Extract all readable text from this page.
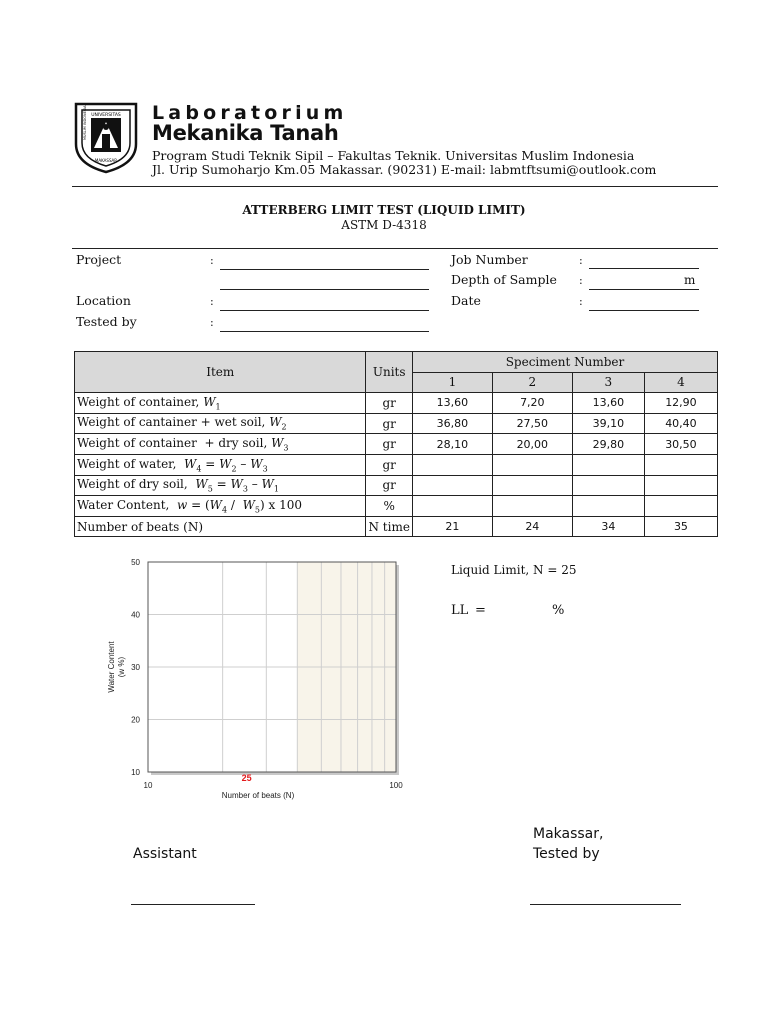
UNIVERSITAS
MUSLIM INDONESIA
MAKASSAR
Laboratorium
Mekanika Tanah
Program Studi Teknik Sipil – Fakultas Teknik. Universitas Muslim Indonesia
Jl. Urip Sumoharjo Km.05 Makassar. (90231) E-mail: labmtftsumi@outlook.com
ATTERBERG LIMIT TEST (LIQUID LIMIT)
ASTM D-4318
Project	:
Location	:
Tested by	:
Job Number	:
Depth of Sample :	m
Date	:
Item	Units	Speciment Number			
		1	2	3	4
Weight of container, $W_1$	gr	13,60	7,20	13,60	12,90
Weight of cantainer + wet soil, $W_2$	gr	36,80	27,50	39,10	40,40
Weight of container  + dry soil, $W_3$	gr	28,10	20,00	29,80	30,50
Weight of water,  $W_4 = W_2 - W_3$	gr				
Weight of dry soil,  $W_5 = W_3 - W_1$	gr				
Water Content,  $w = (W_4 / W_5)$ x 100	%				
Number of beats (N)	N time	21	24	34	35
10
20
30
40
50
10	100
25
Number of beats (N)
Water Content (w %)
Liquid Limit, N = 25
LL =	%
Makassar,
Assistant	Tested by
